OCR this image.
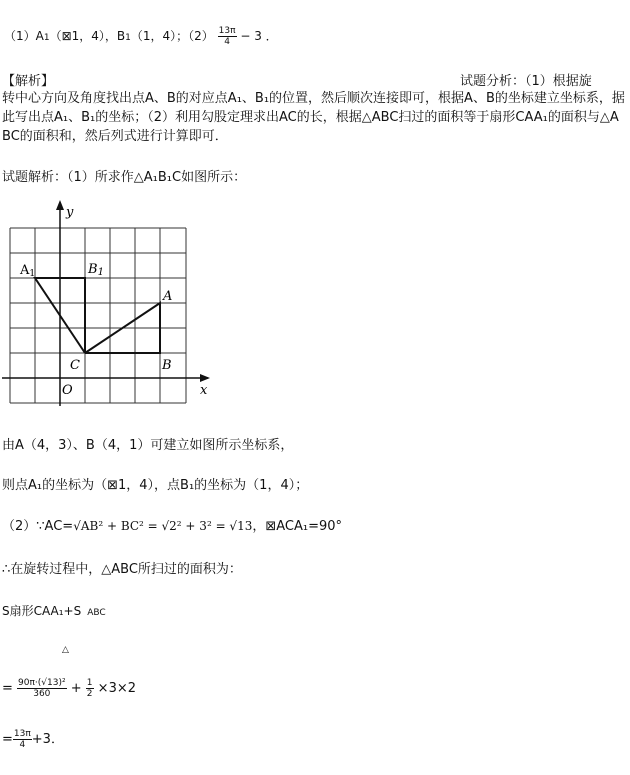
（1）A1（⊠1，4），B1（1，4）；$(2) \frac{13\pi}{4} - 3$ ．
【解析】	试题分析：（1）根据旋
转中心方向及角度找出点A、B的对应点A₁、B₁的位置，然后顺次连接即可，根据A、B的坐标建立坐标系，据此写出点A₁、B₁的坐标；（2）利用勾股定理求出AC的长，根据△ABC扫过的面积等于扇形CAA₁的面积与△ABC的面积和，然后列式进行计算即可．
试题解析：（1）所求作△A₁B₁C如图所示：
y
x
O
A1	B1
A
B
C
由A（4，3）、B（4，1）可建立如图所示坐标系，
则点A₁的坐标为（⊠1，4），点B₁的坐标为（1，4）；
（2）∵AC=√AB² + BC² = √2² + 3² = √13，⊠ACA₁=90°
∴在旋转过程中，△ABC所扫过的面积为：
S扇形CAA₁+S ABC
△
= $\frac{\text{90π·(√13)²}}{360} + \frac{1}{2} \times 3\times 2$
= $\frac{13\pi}{4} +3$．
